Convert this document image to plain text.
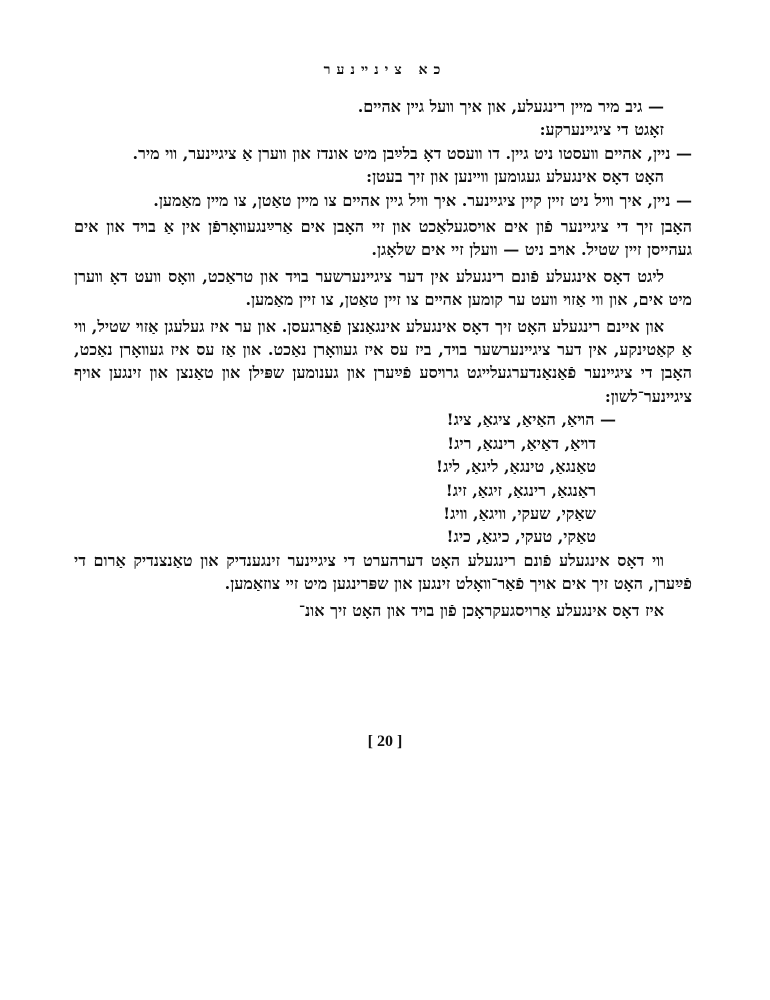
כא צינײנער

— גיב מיר מײן רינגעלע, און איך װעל גײן אהײם.

זאָגט די ציגײנערקע:

— נײן, אהײם װעסטו ניט גײן. דו װעסט דאָ בלײַבן מיט אונדז און װערן אַ ציגײנער, װי מיר.

האָט דאָס אינגעלע געגומען װײנען און זיך בעטן:

— נײן, איך װיל ניט זײן קײן ציגײנער. איך װיל גײן אהײם צו מײן טאַטן, צו מײן מאַמען.

האָבן זיך די ציגײנער פֿון אים אויסגעלאַכט און זײ האָבן אים אַרײַנגעװאָרפֿן אין אַ בױד און אים געהײסן זײן שטיל. אױב ניט — װעלן זײ אים שלאָגן.

ליגט דאָס אינגעלע פֿונם רינגעלע אין דער ציגײנערשער בױד און טראַכט, װאָס װעט דאָ װערן מיט אים, און װי אַזױ װעט ער קומען אהײם צו זײן טאַטן, צו זײן מאַמען.

און אײנם רינגעלע האָט זיך דאָס אינגעלע אינגאַנצן פֿאַרגעסן. און ער איז געלעגן אַזױ שטיל, װי אַ קאַטינקע, אין דער ציגײנערשער בױד, ביז עס איז געװאָרן נאַכט. און אַז עס איז געװאָרן נאַכט, האָבן די ציגײנער פֿאַנאַנדערגעלײגט גרױסע פֿײַערן און גענומען שפּילן און טאַנצן און זינגען אויף ציגײנער־לשון:

— הױאַ, האַיאַ, ציגאַ, ציג!
דױאַ, דאַיאַ, רינגאַ, ריג!
טאַנגאַ, טינגאַ, ליגאַ, ליג!
ראַנגאַ, רינגאַ, זיגאַ, זיג!
שאַקי, שעקי, װיגאַ, װיג!
טאַקי, טעקי, כיגאַ, כיג!

װי דאָס אינגעלע פֿונם רינגעלע האָט דערהערט די ציגײנער זינגענדיק און טאַנצנדיק אַרום די פֿײַערן, האָט זיך אים אויך פֿאַר־װאָלט זינגען און שפּרינגען מיט זײ צוזאַמען.

איז דאָס אינגעלע אַרויסגעקראָכן פֿון בױד און האָט זיך אונ־

[ 20 ]
